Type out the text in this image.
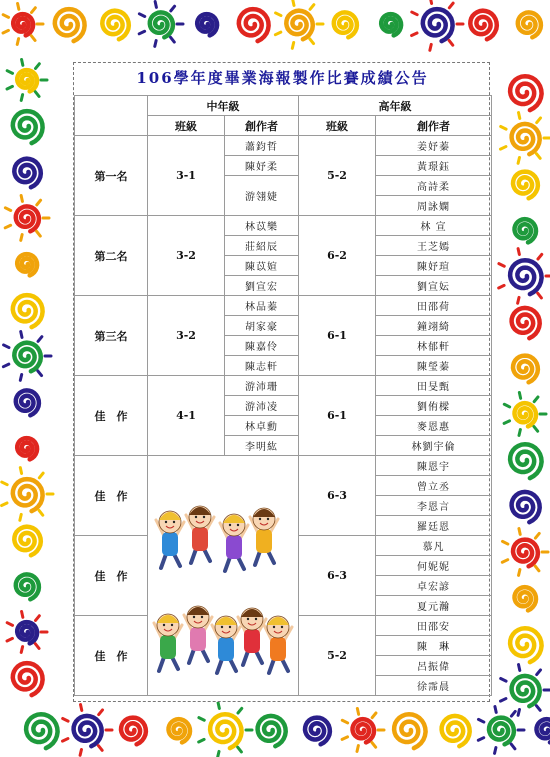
106學年度畢業海報製作比賽成績公告
	中年級		高年級	
	班級	創作者	班級	創作者
第一名	3-1	蕭鈞哲	5-2	姜妤蓁
		陳妤柔		黃璟鈺
		游翎婕		高詩柔
				周詠嫻
第二名	3-2	林苡樂	6-2	林 宣
		莊紹辰		王芝嫣
		陳苡媗		陳妤瑄
		劉宣宏		劉宣妘
第三名	3-2	林品蓁	6-1	田邵荷
		胡家豪		鐘翊綺
		陳嘉伶		林郁軒
		陳志軒		陳瑩蓁
佳　作	4-1	游沛珊	6-1	田旻甄
		游沛凌		劉侑樑
		林卓勳		麥恩惠
		李明紘		林劉宇倫
佳　作			6-3	陳恩宇
				曾立丞
				李恩言
				羅廷恩
佳　作			6-3	慕凡
				何妮妮
				卓宏諺
				夏元瀚
佳　作			5-2	田邵安
				陳　琳
				呂振偉
				徐霈晨
